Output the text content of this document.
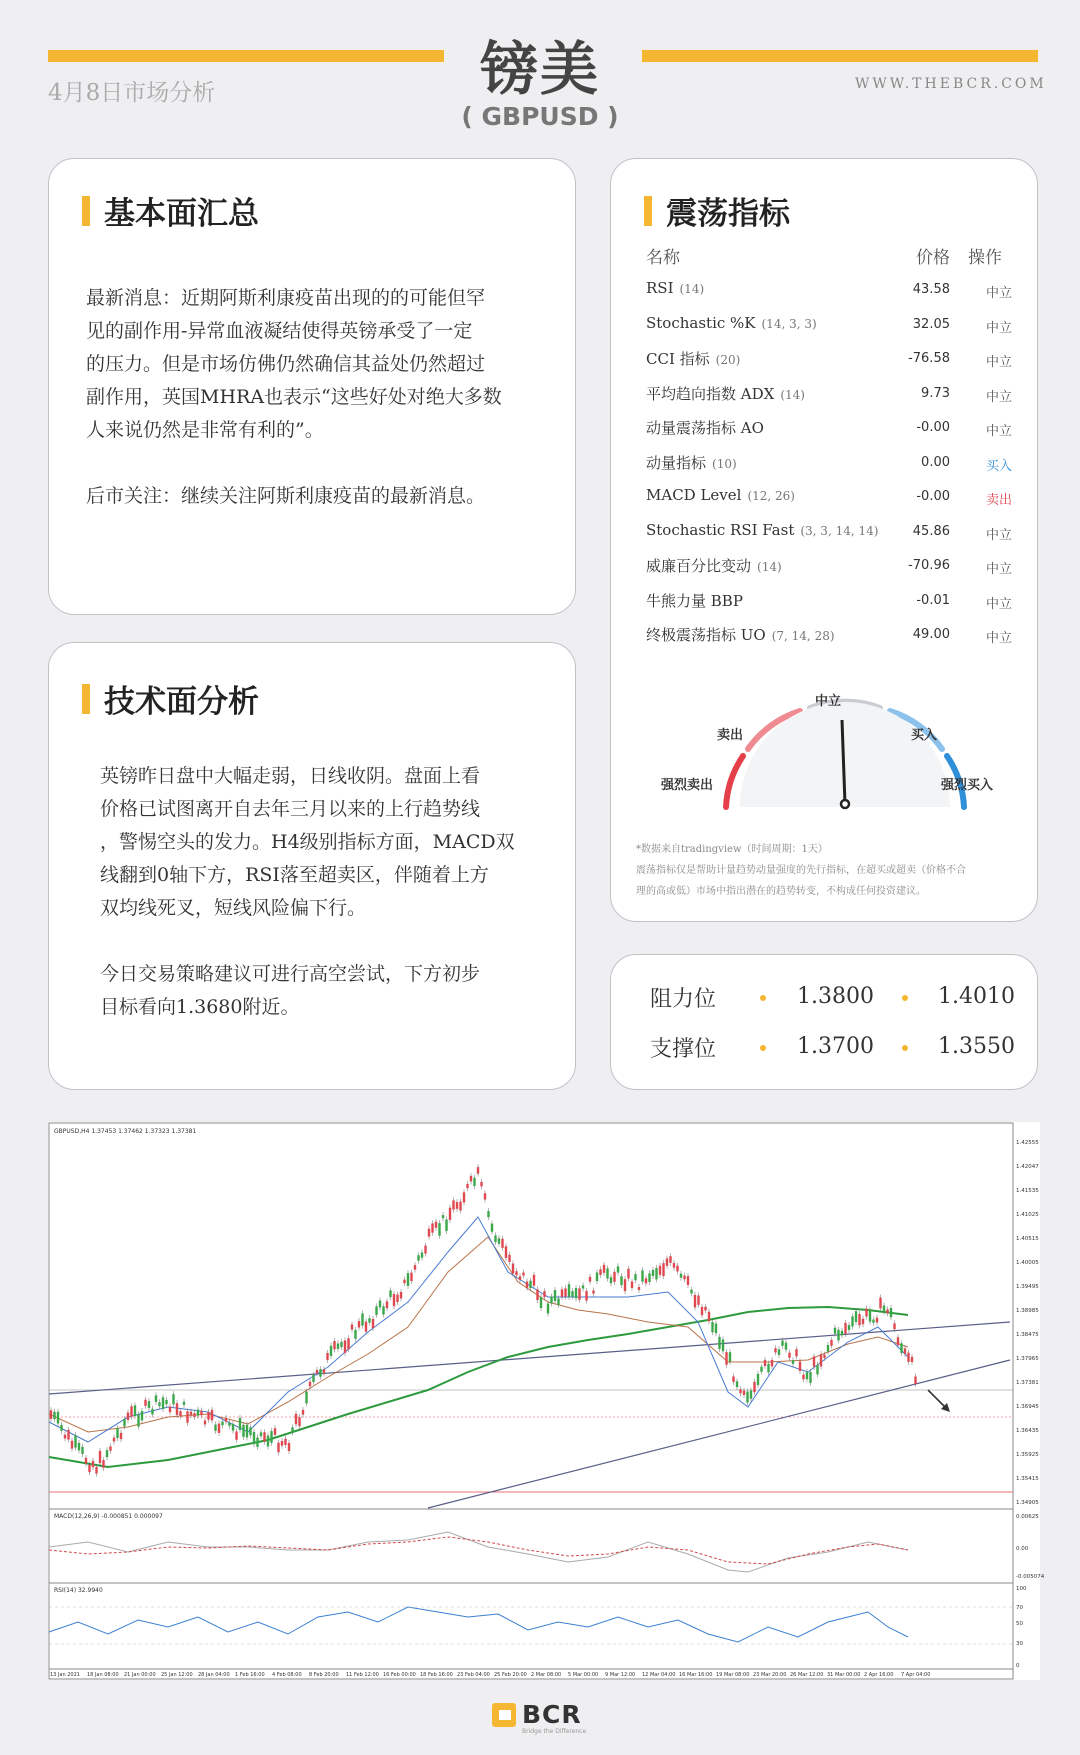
镑美
( GBPUSD )
4月8日市场分析	WWW.THEBCR.COM
基本面汇总
最新消息：近期阿斯利康疫苗出现的的可能但罕
见的副作用-异常血液凝结使得英镑承受了一定
的压力。但是市场仿佛仍然确信其益处仍然超过
副作用，英国MHRA也表示“这些好处对绝大多数
人来说仍然是非常有利的”。
后市关注：继续关注阿斯利康疫苗的最新消息。
技术面分析
英镑昨日盘中大幅走弱，日线收阴。盘面上看
价格已试图离开自去年三月以来的上行趋势线
，警惕空头的发力。H4级别指标方面，MACD双
线翻到0轴下方，RSI落至超卖区，伴随着上方
双均线死叉，短线风险偏下行。
今日交易策略建议可进行高空尝试，下方初步
目标看向1.3680附近。
震荡指标
名称	价格 操作
RSI (14)	43.58	中立
Stochastic %K (14, 3, 3)	32.05	中立
CCI 指标 (20)	-76.58	中立
平均趋向指数 ADX (14)	9.73	中立
动量震荡指标 AO	-0.00	中立
动量指标 (10)	0.00	买入
MACD Level (12, 26)	-0.00	卖出
Stochastic RSI Fast (3, 3, 14, 14)	45.86	中立
威廉百分比变动 (14)	-70.96	中立
牛熊力量 BBP	-0.01	中立
终极震荡指标 UO (7, 14, 28)	49.00	中立
中立
卖出	买入
强烈卖出	强烈买入
*数据来自tradingview（时间周期：1天）
震荡指标仅是帮助计量趋势动量强度的先行指标，在超买或超卖（价格不合
理的高或低）市场中指出潜在的趋势转变，不构成任何投资建议。
阻力位	1.3800	1.4010
支撑位	1.3700	1.3550
GBPUSD,H4 1.37453 1.37462 1.37323 1.37381
MACD(12,26,9) -0.000851 0.000097
RSI(14) 32.9940
1.42555
1.42047
1.41535
1.41025
1.40515
1.40005
1.39495
1.38985
1.38475
1.37965
1.37381
1.36945
1.36435
1.35925
1.35415
1.34905
0.00625
0.00
-0.005074
100
70
50
30
0
13 Jan 2021 18 Jan 08:00 21 Jan 00:00 25 Jan 12:00 28 Jan 04:00 1 Feb 16:00 4 Feb 08:00 8 Feb 20:00 11 Feb 12:00 16 Feb 00:00 18 Feb 16:00 23 Feb 04:00 25 Feb 20:00 2 Mar 08:00 5 Mar 00:00 9 Mar 12:00 12 Mar 04:00 16 Mar 16:00 19 Mar 08:00 23 Mar 20:00 26 Mar 12:00 31 Mar 00:00 2 Apr 16:00 7 Apr 04:00
BCR
Bridge the Difference
